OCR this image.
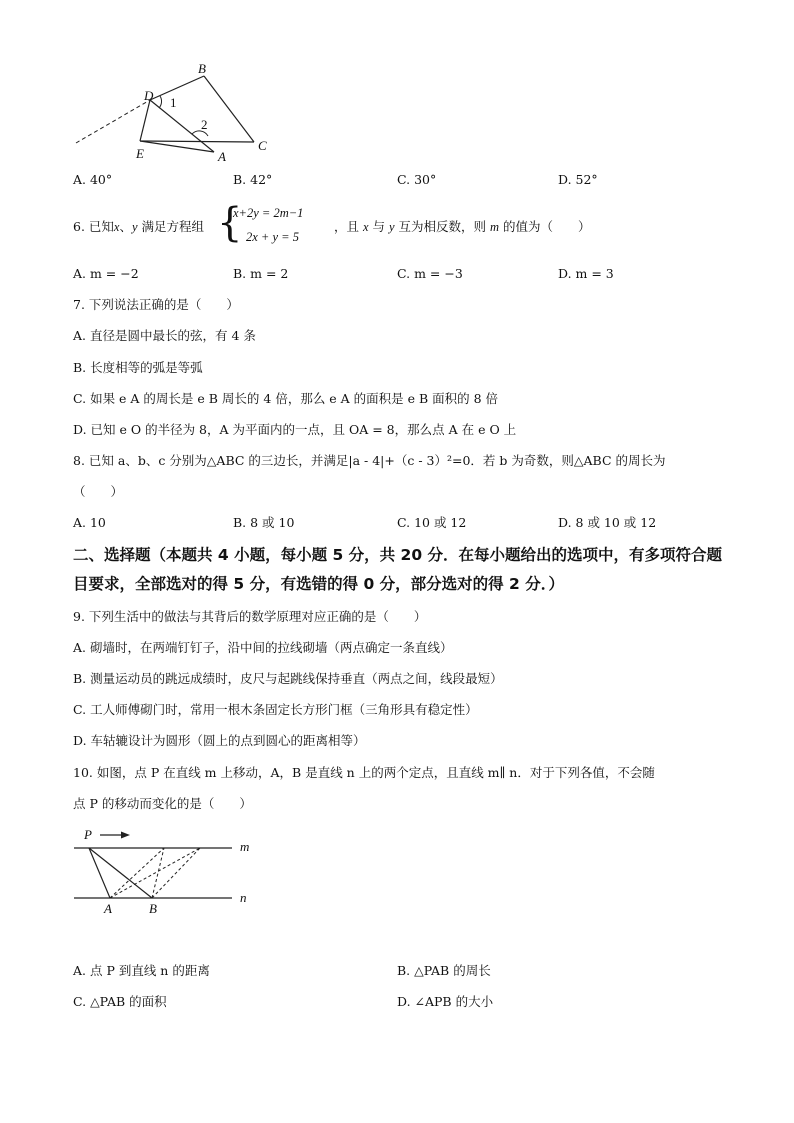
B
D 1
2
E	A
C
A. 40°	B. 42°	C. 30°	D. 52°
6. 已知x、y 满足方程组 {
x+2y = 2m−1
2x + y = 5
，且 x 与 y 互为相反数，则 m 的值为（　　）
A. m = −2	B. m = 2	C. m = −3	D. m = 3
7. 下列说法正确的是（　　）
A. 直径是圆中最长的弦，有 4 条
B. 长度相等的弧是等弧
C. 如果 e A 的周长是 e B 周长的 4 倍，那么 e A 的面积是 e B 面积的 8 倍
D. 已知 e O 的半径为 8，A 为平面内的一点，且 OA = 8，那么点 A 在 e O 上
8. 已知 a、b、c 分别为△ABC 的三边长，并满足|a - 4|+（c - 3）²=0．若 b 为奇数，则△ABC 的周长为
（　　）
A. 10	B. 8 或 10	C. 10 或 12	D. 8 或 10 或 12
二、选择题（本题共 4 小题，每小题 5 分，共 20 分．在每小题给出的选项中，有多项符合题目要求，全部选对的得 5 分，有选错的得 0 分，部分选对的得 2 分．）
9. 下列生活中的做法与其背后的数学原理对应正确的是（　　）
A. 砌墙时，在两端钉钉子，沿中间的拉线砌墙（两点确定一条直线）
B. 测量运动员的跳远成绩时，皮尺与起跳线保持垂直（两点之间，线段最短）
C. 工人师傅砌门时，常用一根木条固定长方形门框（三角形具有稳定性）
D. 车轱辘设计为圆形（圆上的点到圆心的距离相等）
10. 如图，点 P 在直线 m 上移动，A，B 是直线 n 上的两个定点，且直线 m∥ n．对于下列各值，不会随
点 P 的移动而变化的是（　　）
P
m
n
A	B
A. 点 P 到直线 n 的距离	B. △PAB 的周长
C. △PAB 的面积	D. ∠APB 的大小
